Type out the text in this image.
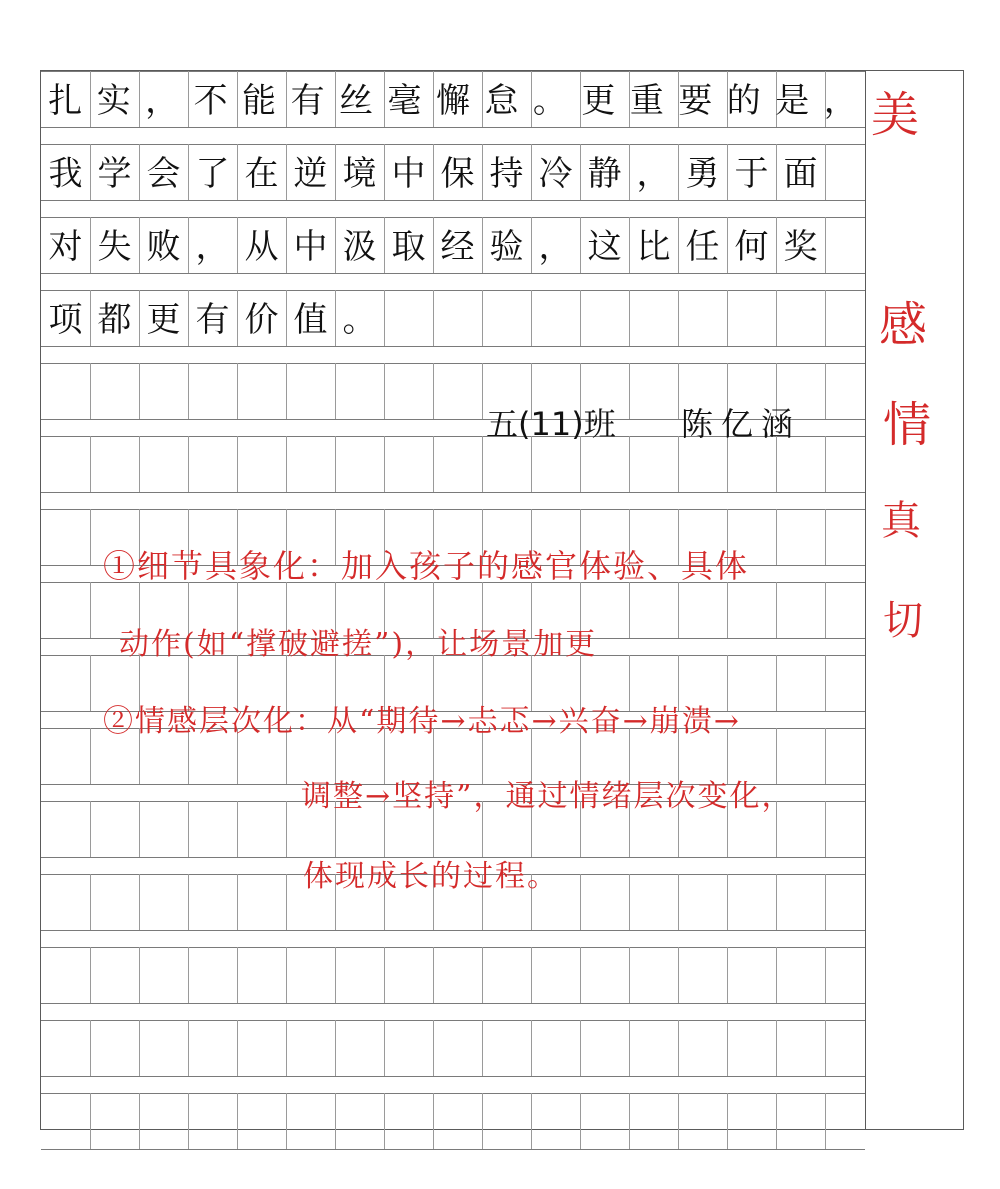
扎 实 ， 不 能 有 丝 毫 懈 怠 。 更 重 要 的 是 ，
我 学 会 了 在 逆 境 中 保 持 冷 静 ， 勇 于 面
对 失 败 ， 从 中 汲 取 经 验 ， 这 比 任 何 奖
项 都 更 有 价 值 。
五(11)班 陈亿涵
①细节具象化：加入孩子的感官体验、具体
动作(如“撑破避搓”)，让场景加更
②情感层次化：从“期待→忐忑→兴奋→崩溃→
调整→坚持”，通过情绪层次变化，
体现成长的过程。
美
感
情
真
切
